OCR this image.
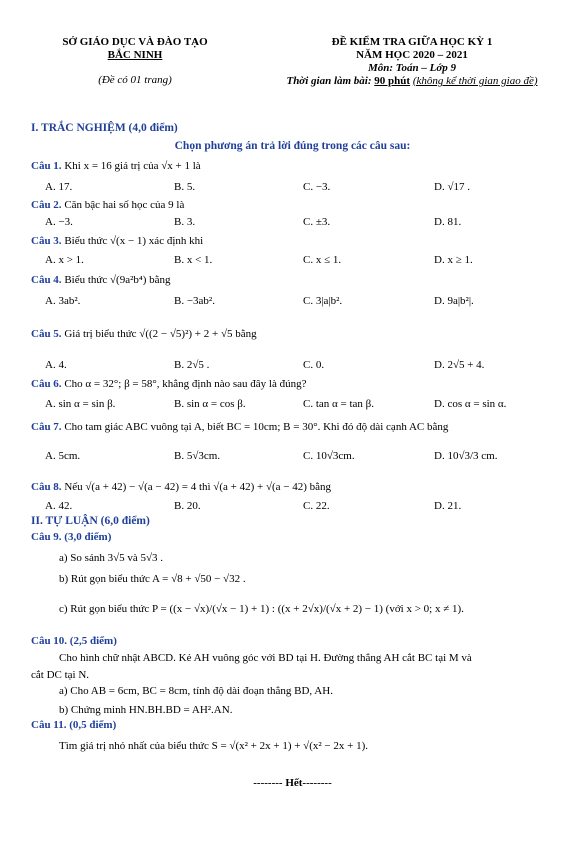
SỞ GIÁO DỤC VÀ ĐÀO TẠO
BẮC NINH
(Đề có 01 trang)
ĐỀ KIỂM TRA GIỮA HỌC KỲ 1
NĂM HỌC 2020 – 2021
Môn: Toán – Lớp 9
Thời gian làm bài: 90 phút (không kể thời gian giao đề)
I. TRẮC NGHIỆM (4,0 điểm)
Chọn phương án trả lời đúng trong các câu sau:
Câu 1. Khi x = 16 giá trị của √x + 1 là
A. 17.	B. 5.	C. −3.	D. √17 .
Câu 2. Căn bậc hai số học của 9 là
A. −3.	B. 3.	C. ±3.	D. 81.
Câu 3. Biểu thức √(x − 1) xác định khi
A. x > 1.	B. x < 1.	C. x ≤ 1.	D. x ≥ 1.
Câu 4. Biểu thức √(9a²b⁴) bằng
A. 3ab².	B. −3ab².	C. 3|a|b².	D. 9a|b²|.
Câu 5. Giá trị biểu thức √((2 − √5)²) + 2 + √5 bằng
A. 4.	B. 2√5 .	C. 0.	D. 2√5 + 4.
Câu 6. Cho α = 32°; β = 58°, khẳng định nào sau đây là đúng?
A. sin α = sin β.	B. sin α = cos β.	C. tan α = tan β.	D. cos α = sin α.
Câu 7. Cho tam giác ABC vuông tại A, biết BC = 10cm; B = 30°. Khi đó độ dài cạnh AC bằng
A. 5cm.	B. 5√3cm.	C. 10√3cm.	D. 10√3/3 cm.
Câu 8. Nếu √(a + 42) − √(a − 42) = 4 thì √(a + 42) + √(a − 42) bằng
A. 42.	B. 20.	C. 22.	D. 21.
II. TỰ LUẬN (6,0 điểm)
Câu 9. (3,0 điểm)
a) So sánh 3√5 và 5√3 .
b) Rút gọn biểu thức A = √8 + √50 − √32 .
c) Rút gọn biểu thức P = ((x − √x)/(√x − 1) + 1) : ((x + 2√x)/(√x + 2) − 1) (với x > 0; x ≠ 1).
Câu 10. (2,5 điểm)
Cho hình chữ nhật ABCD. Kẻ AH vuông góc với BD tại H. Đường thẳng AH cắt BC tại M và
cắt DC tại N.
a) Cho AB = 6cm, BC = 8cm, tính độ dài đoạn thẳng BD, AH.
b) Chứng minh HN.BH.BD = AH².AN.
Câu 11. (0,5 điểm)
Tìm giá trị nhỏ nhất của biểu thức S = √(x² + 2x + 1) + √(x² − 2x + 1).
-------- Hết--------
